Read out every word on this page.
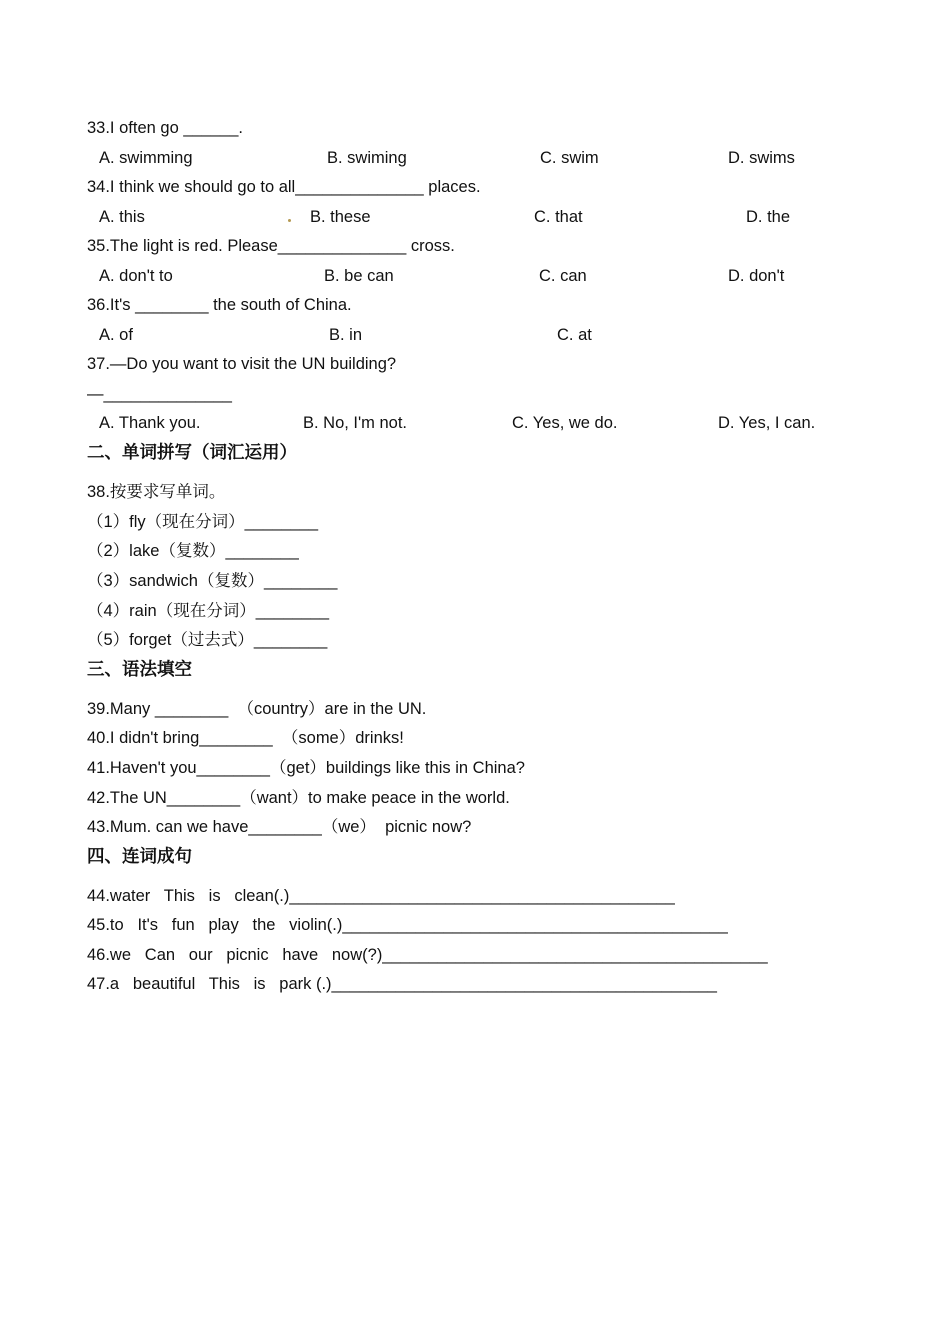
33.I often go ______.
A. swimming	B. swiming	C. swim	D. swims
34.I think we should go to all______________ places.
A. this	B. these	C. that	D. the
35.The light is red. Please______________ cross.
A. don't to	B. be can	C. can	D. don't
36.It's ________ the south of China.
A. of	B. in	C. at
37.—Do you want to visit the UN building?
—______________
A. Thank you.	B. No, I'm not.	C. Yes, we do.	D. Yes, I can.
二、单词拼写（词汇运用）
38.按要求写单词。
（1）fly（现在分词）________
（2）lake（复数）________
（3）sandwich（复数）________
（4）rain（现在分词）________
（5）forget（过去式）________
三、语法填空
39.Many ________  （country）are in the UN.
40.I didn't bring________  （some）drinks!
41.Haven't you________（get）buildings like this in China?
42.The UN________（want）to make peace in the world.
43.Mum. can we have________（we）  picnic now?
四、连词成句
44.water   This   is   clean(.)__________________________________________
45.to   It's   fun   play   the   violin(.)__________________________________________
46.we   Can   our   picnic   have   now(?)__________________________________________
47.a   beautiful   This   is   park (.)__________________________________________
